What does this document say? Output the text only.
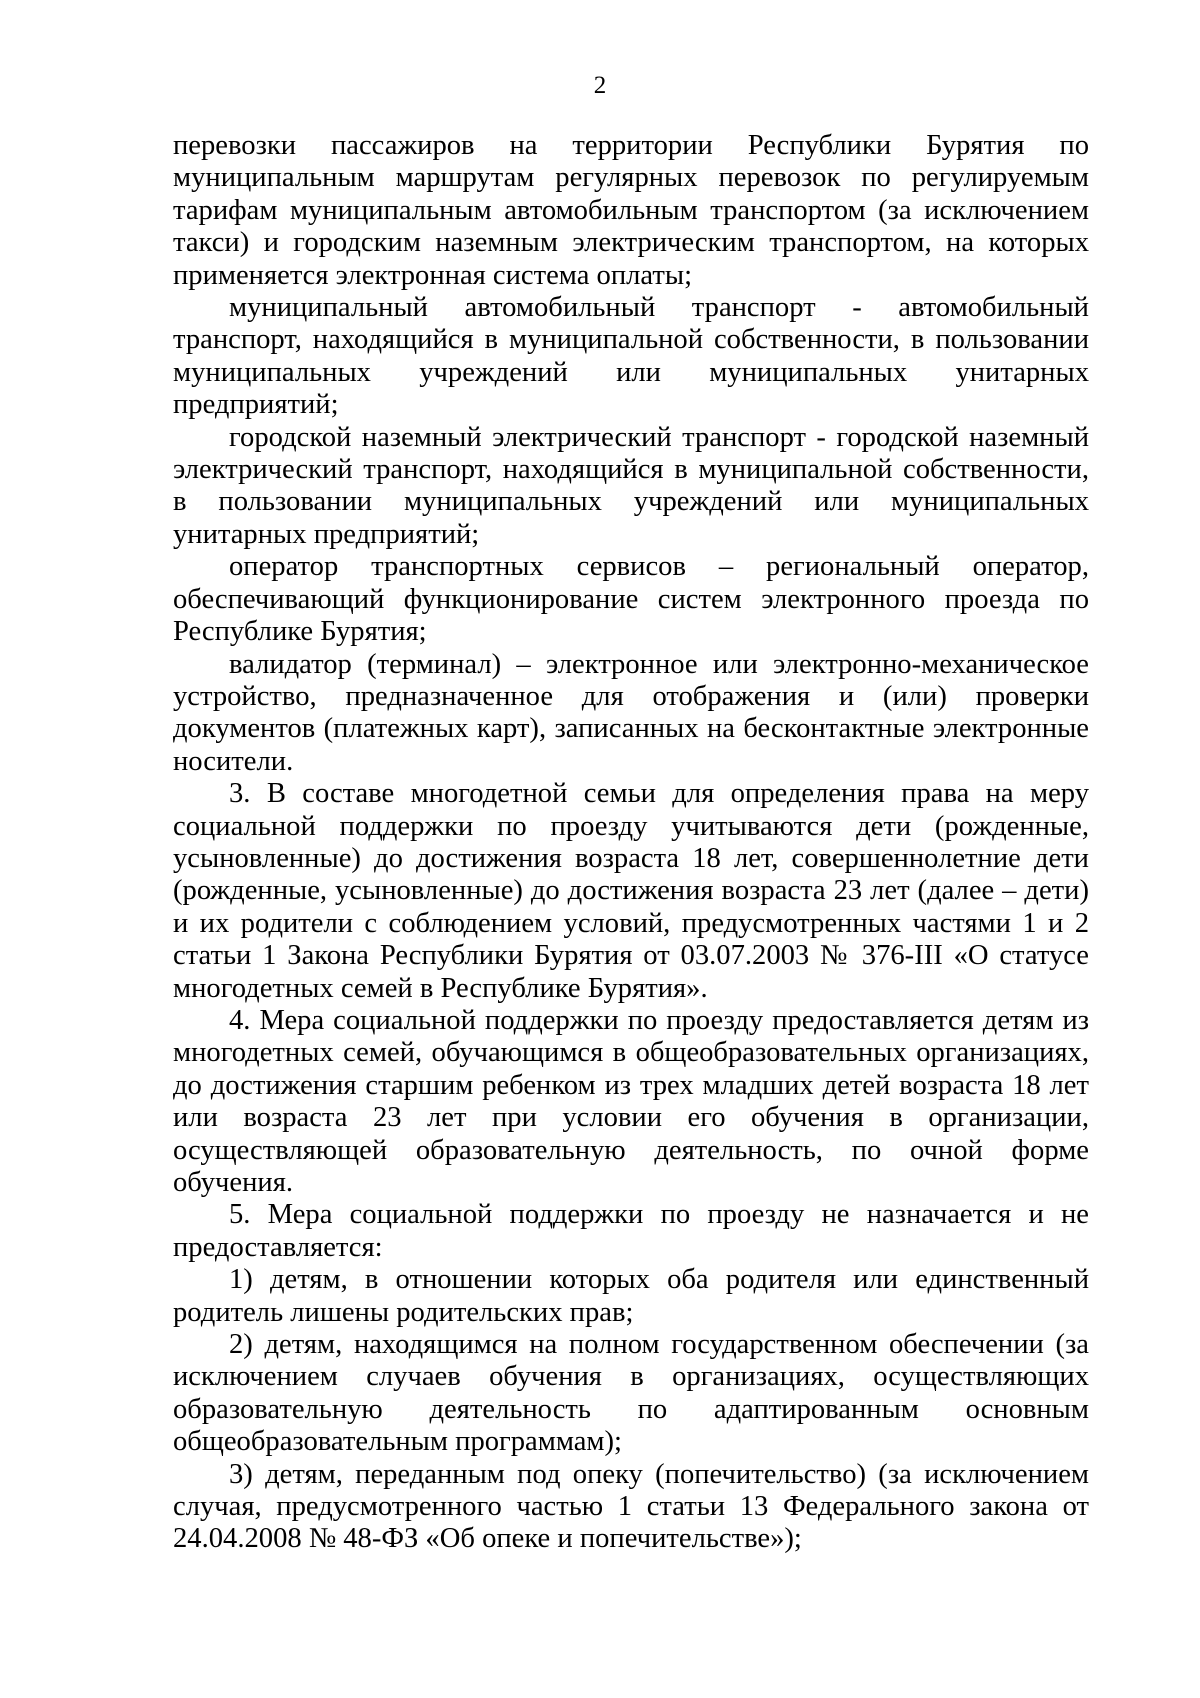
2

перевозки пассажиров на территории Республики Бурятия по муниципальным маршрутам регулярных перевозок по регулируемым тарифам муниципальным автомобильным транспортом (за исключением такси) и городским наземным электрическим транспортом, на которых применяется электронная система оплаты;

муниципальный автомобильный транспорт - автомобильный транспорт, находящийся в муниципальной собственности, в пользовании муниципальных учреждений или муниципальных унитарных предприятий;

городской наземный электрический транспорт - городской наземный электрический транспорт, находящийся в муниципальной собственности, в пользовании муниципальных учреждений или муниципальных унитарных предприятий;

оператор транспортных сервисов – региональный оператор, обеспечивающий функционирование систем электронного проезда по Республике Бурятия;

валидатор (терминал) – электронное или электронно-механическое устройство, предназначенное для отображения и (или) проверки документов (платежных карт), записанных на бесконтактные электронные носители.

3. В составе многодетной семьи для определения права на меру социальной поддержки по проезду учитываются дети (рожденные, усыновленные) до достижения возраста 18 лет, совершеннолетние дети (рожденные, усыновленные) до достижения возраста 23 лет (далее – дети) и их родители с соблюдением условий, предусмотренных частями 1 и 2 статьи 1 Закона Республики Бурятия от 03.07.2003 № 376-III «О статусе многодетных семей в Республике Бурятия».

4. Мера социальной поддержки по проезду предоставляется детям из многодетных семей, обучающимся в общеобразовательных организациях, до достижения старшим ребенком из трех младших детей возраста 18 лет или возраста 23 лет при условии его обучения в организации, осуществляющей образовательную деятельность, по очной форме обучения.

5. Мера социальной поддержки по проезду не назначается и не предоставляется:

1) детям, в отношении которых оба родителя или единственный родитель лишены родительских прав;

2) детям, находящимся на полном государственном обеспечении (за исключением случаев обучения в организациях, осуществляющих образовательную деятельность по адаптированным основным общеобразовательным программам);

3) детям, переданным под опеку (попечительство) (за исключением случая, предусмотренного частью 1 статьи 13 Федерального закона от 24.04.2008 № 48-ФЗ «Об опеке и попечительстве»);
